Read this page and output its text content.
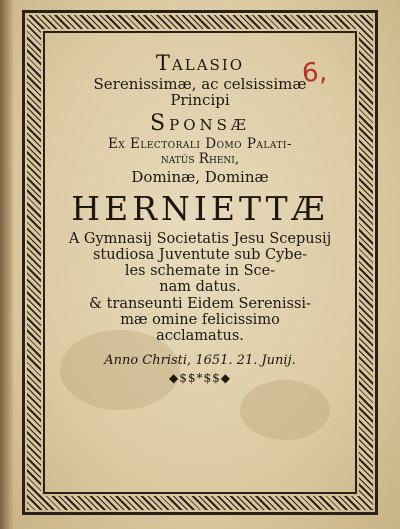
Talasio
Serenissimæ, ac celsissimæ
Principi
Sponsæ
Ex Electorali Domo Palati-
natûs Rheni,
Dominæ, Dominæ
HERNIETTÆ
A Gymnasij Societatis Jesu Scepusij
studiosa Juventute sub Cybe-
les schemate in Sce-
nam datus.
& transeunti Eidem Serenissi-
mæ omine felicissimo
acclamatus.
Anno Christi, 1651. 21. Junij.
◆$$*$$◆
6,
